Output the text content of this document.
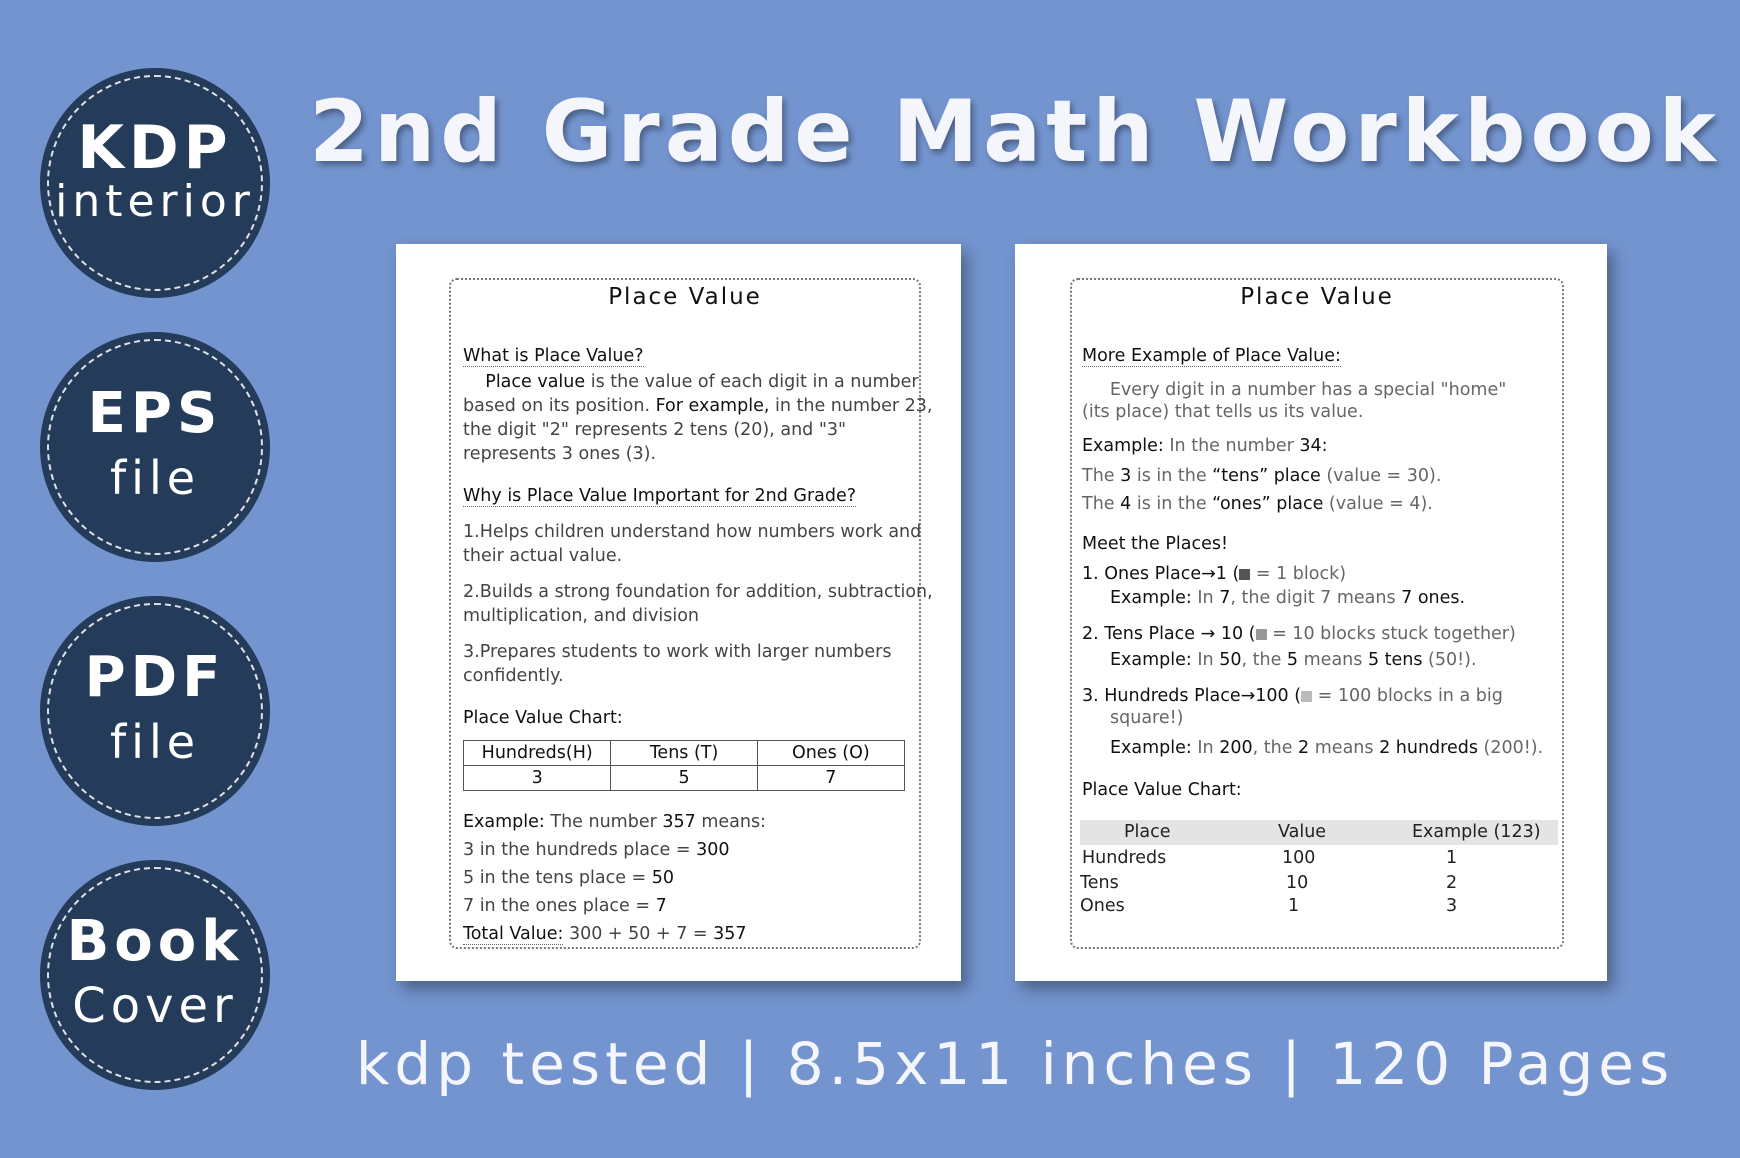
KDP
interior
EPS
file
PDF
file
Book
Cover
2nd Grade Math Workbook
kdp tested | 8.5x11 inches | 120 Pages
Place Value
What is Place Value?
Place value is the value of each digit in a number
based on its position. For example, in the number 23,
the digit "2" represents 2 tens (20), and "3"
represents 3 ones (3).
Why is Place Value Important for 2nd Grade?
1.Helps children understand how numbers work and
their actual value.
2.Builds a strong foundation for addition, subtraction,
multiplication, and division
3.Prepares students to work with larger numbers
confidently.
Place Value Chart:
Hundreds(H)	Tens (T)	Ones (O)
3	5	7
Example: The number 357 means:
3 in the hundreds place = 300
5 in the tens place = 50
7 in the ones place = 7
Total Value: 300 + 50 + 7 = 357
Place Value
More Example of Place Value:
Every digit in a number has a special "home"
(its place) that tells us its value.
Example: In the number 34:
The 3 is in the “tens” place (value = 30).
The 4 is in the “ones” place (value = 4).
Meet the Places!
1. Ones Place→1 ( = 1 block)
Example: In 7, the digit 7 means 7 ones.
2. Tens Place → 10 ( = 10 blocks stuck together)
Example: In 50, the 5 means 5 tens (50!).
3. Hundreds Place→100 ( = 100 blocks in a big
square!)
Example: In 200, the 2 means 2 hundreds (200!).
Place Value Chart:
Place	Value	Example (123)
Hundreds	100	1
Tens	10	2
Ones	1	3
